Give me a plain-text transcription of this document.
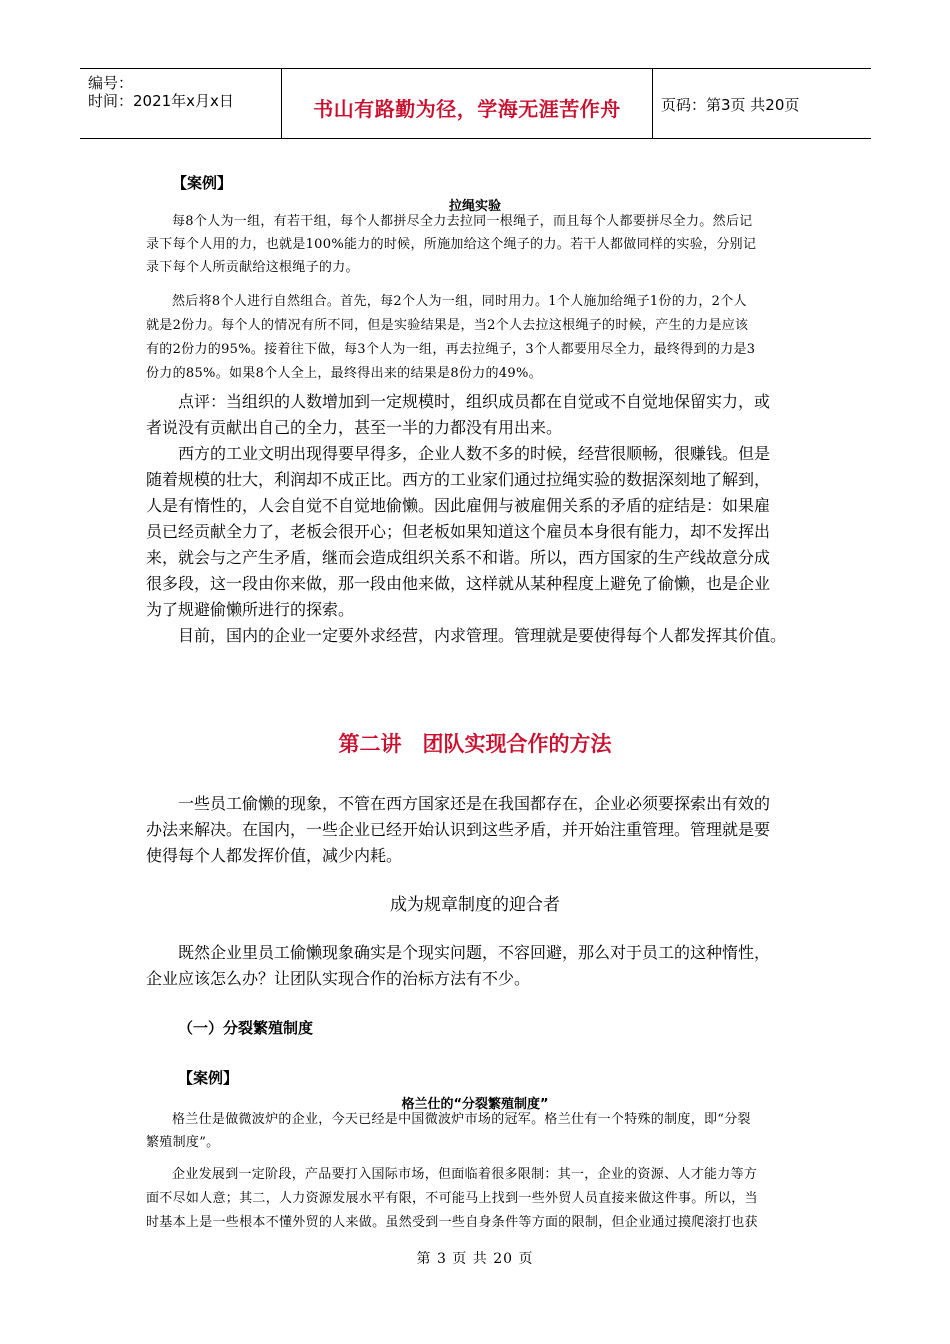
编号：
时间：2021年x月x日	书山有路勤为径，学海无涯苦作舟	页码：第3页 共20页
【案例】
拉绳实验
每8个人为一组，有若干组，每个人都拼尽全力去拉同一根绳子，而且每个人都要拼尽全力。然后记
录下每个人用的力，也就是100%能力的时候，所施加给这个绳子的力。若干人都做同样的实验，分别记
录下每个人所贡献给这根绳子的力。
然后将8个人进行自然组合。首先，每2个人为一组，同时用力。1个人施加给绳子1份的力，2个人
就是2份力。每个人的情况有所不同，但是实验结果是，当2个人去拉这根绳子的时候，产生的力是应该
有的2份力的95%。接着往下做，每3个人为一组，再去拉绳子，3个人都要用尽全力，最终得到的力是3
份力的85%。如果8个人全上，最终得出来的结果是8份力的49%。
点评：当组织的人数增加到一定规模时，组织成员都在自觉或不自觉地保留实力，或
者说没有贡献出自己的全力，甚至一半的力都没有用出来。
西方的工业文明出现得要早得多，企业人数不多的时候，经营很顺畅，很赚钱。但是
随着规模的壮大，利润却不成正比。西方的工业家们通过拉绳实验的数据深刻地了解到，
人是有惰性的，人会自觉不自觉地偷懒。因此雇佣与被雇佣关系的矛盾的症结是：如果雇
员已经贡献全力了，老板会很开心；但老板如果知道这个雇员本身很有能力，却不发挥出
来，就会与之产生矛盾，继而会造成组织关系不和谐。所以，西方国家的生产线故意分成
很多段，这一段由你来做，那一段由他来做，这样就从某种程度上避免了偷懒，也是企业
为了规避偷懒所进行的探索。
目前，国内的企业一定要外求经营，内求管理。管理就是要使得每个人都发挥其价值。
第二讲　团队实现合作的方法
一些员工偷懒的现象，不管在西方国家还是在我国都存在，企业必须要探索出有效的
办法来解决。在国内，一些企业已经开始认识到这些矛盾，并开始注重管理。管理就是要
使得每个人都发挥价值，减少内耗。
成为规章制度的迎合者
既然企业里员工偷懒现象确实是个现实问题，不容回避，那么对于员工的这种惰性，
企业应该怎么办？让团队实现合作的治标方法有不少。
（一）分裂繁殖制度
【案例】
格兰仕的“分裂繁殖制度”
格兰仕是做微波炉的企业，今天已经是中国微波炉市场的冠军。格兰仕有一个特殊的制度，即“分裂
繁殖制度”。
企业发展到一定阶段，产品要打入国际市场，但面临着很多限制：其一，企业的资源、人才能力等方
面不尽如人意；其二，人力资源发展水平有限，不可能马上找到一些外贸人员直接来做这件事。所以，当
时基本上是一些根本不懂外贸的人来做。虽然受到一些自身条件等方面的限制，但企业通过摸爬滚打也获
第 3 页 共 20 页
